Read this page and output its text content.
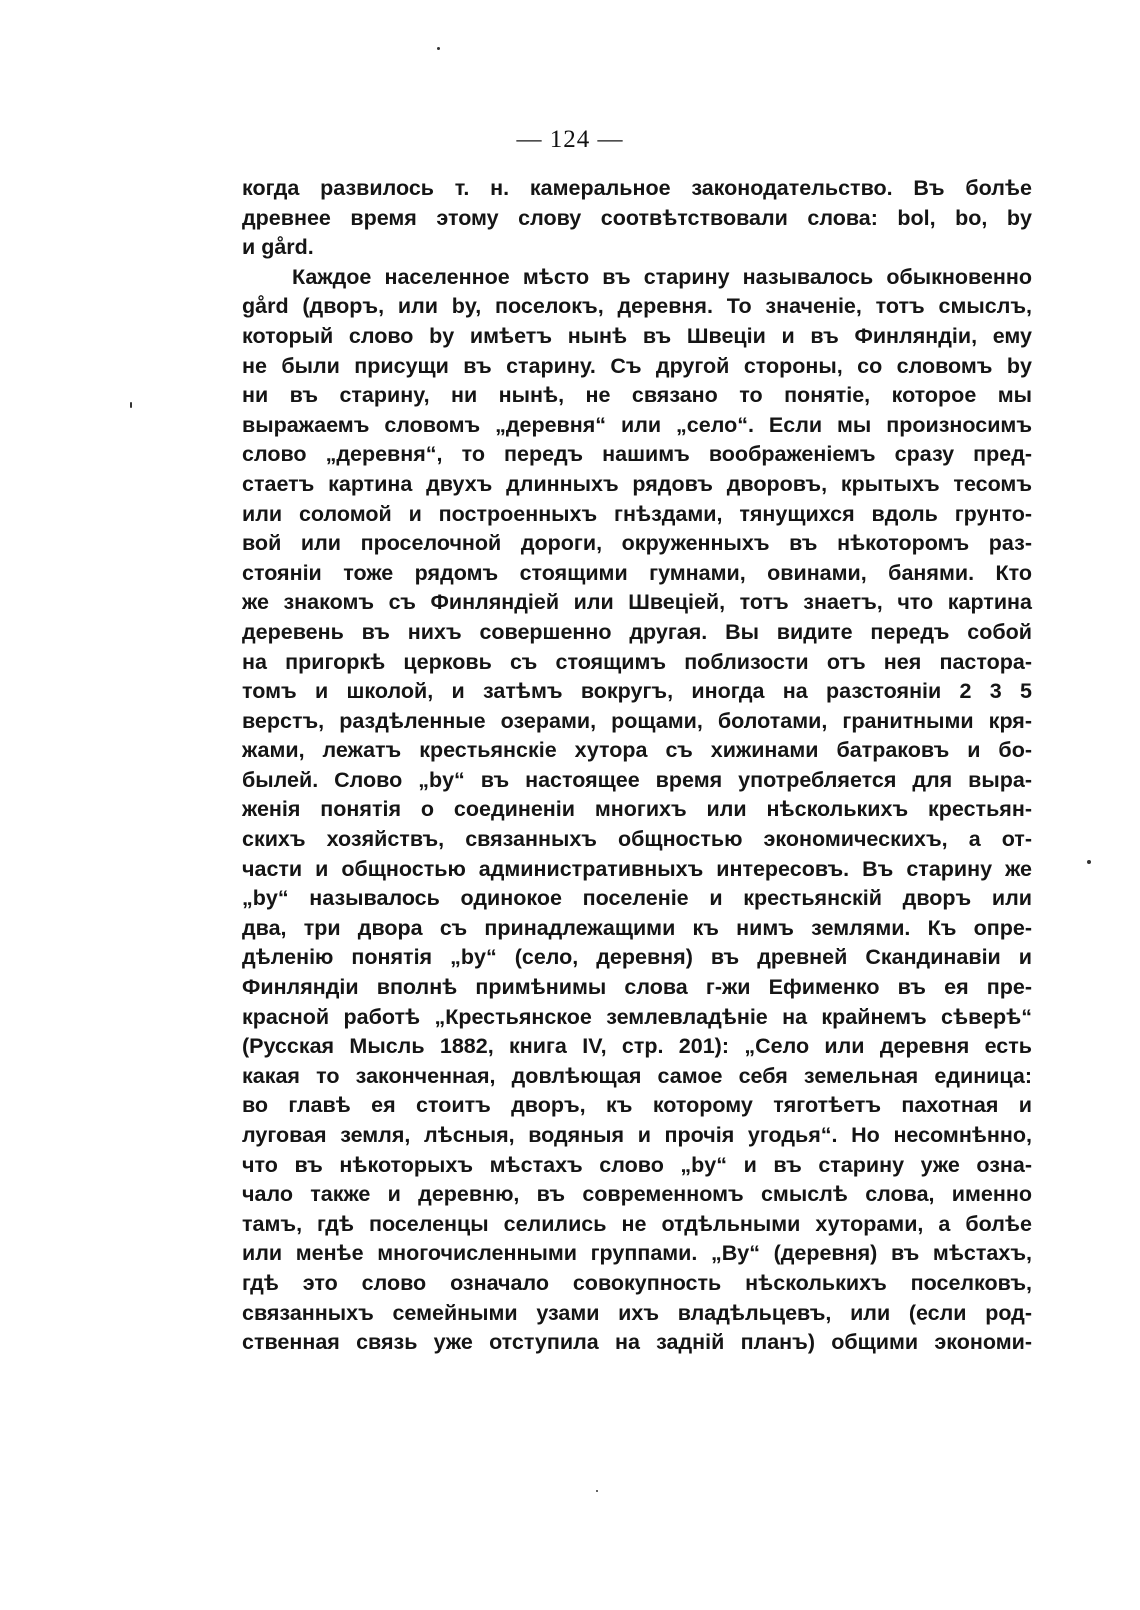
— 124 —
когда развилось т. н. камеральное законодательство. Въ болѣе
древнее время этому слову соотвѣтствовали слова: bol, bo, by
и gård.
Каждое населенное мѣсто въ старину называлось обыкновенно
gård (дворъ, или by, поселокъ, деревня. То значеніе, тотъ смыслъ,
который слово by имѣетъ нынѣ въ Швеціи и въ Финляндіи, ему
не были присущи въ старину. Съ другой стороны, со словомъ by
ни въ старину, ни нынѣ, не связано то понятіе, которое мы
выражаемъ словомъ „деревня“ или „село“. Если мы произносимъ
слово „деревня“, то передъ нашимъ воображеніемъ сразу пред-
стаетъ картина двухъ длинныхъ рядовъ дворовъ, крытыхъ тесомъ
или соломой и построенныхъ гнѣздами, тянущихся вдоль грунто-
вой или проселочной дороги, окруженныхъ въ нѣкоторомъ раз-
стояніи тоже рядомъ стоящими гумнами, овинами, банями. Кто
же знакомъ съ Финляндіей или Швеціей, тотъ знаетъ, что картина
деревень въ нихъ совершенно другая. Вы видите передъ собой
на пригоркѣ церковь съ стоящимъ поблизости отъ нея пастора-
томъ и школой, и затѣмъ вокругъ, иногда на разстояніи 2 3 5
верстъ, раздѣленные озерами, рощами, болотами, гранитными кря-
жами, лежатъ крестьянскіе хутора съ хижинами батраковъ и бо-
былей. Слово „by“ въ настоящее время употребляется для выра-
женія понятія о соединеніи многихъ или нѣсколькихъ крестьян-
скихъ хозяйствъ, связанныхъ общностью экономическихъ, а от-
части и общностью административныхъ интересовъ. Въ старину же
„by“ называлось одинокое поселеніе и крестьянскій дворъ или
два, три двора съ принадлежащими къ нимъ землями. Къ опре-
дѣленію понятія „by“ (село, деревня) въ древней Скандинавіи и
Финляндіи вполнѣ примѣнимы слова г-жи Ефименко въ ея пре-
красной работѣ „Крестьянское землевладѣніе на крайнемъ сѣверѣ“
(Русская Мысль 1882, книга IV, стр. 201): „Село или деревня есть
какая то законченная, довлѣющая самое себя земельная единица:
во главѣ ея стоитъ дворъ, къ которому тяготѣетъ пахотная и
луговая земля, лѣсныя, водяныя и прочія угодья“. Но несомнѣнно,
что въ нѣкоторыхъ мѣстахъ слово „by“ и въ старину уже озна-
чало также и деревню, въ современномъ смыслѣ слова, именно
тамъ, гдѣ поселенцы селились не отдѣльными хуторами, а болѣе
или менѣе многочисленными группами. „By“ (деревня) въ мѣстахъ,
гдѣ это слово означало совокупность нѣсколькихъ поселковъ,
связанныхъ семейными узами ихъ владѣльцевъ, или (если род-
ственная связь уже отступила на задній планъ) общими экономи-
